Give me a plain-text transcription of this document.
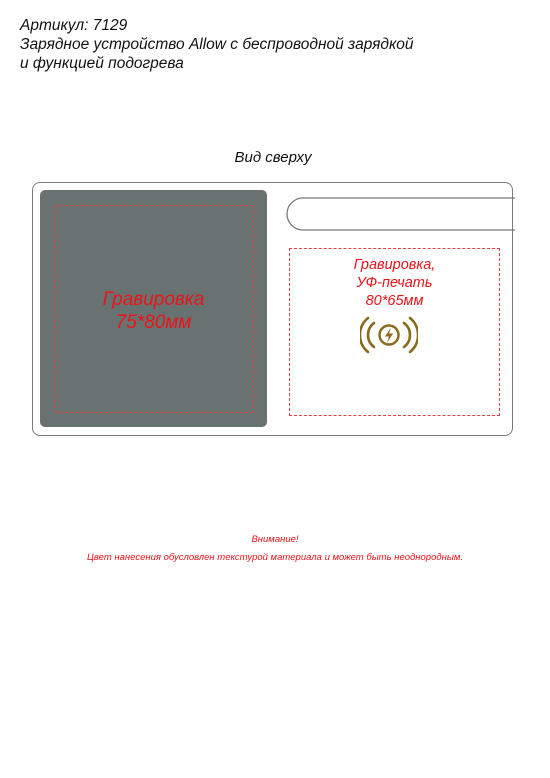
Артикул: 7129
Зарядное устройство Allow с беспроводной зарядкой
и функцией подогрева
Вид сверху
Гравировка
75*80мм
Гравировка,
УФ-печать
80*65мм
Внимание!
Цвет нанесения обусловлен текстурой материала и может быть неоднородным.
